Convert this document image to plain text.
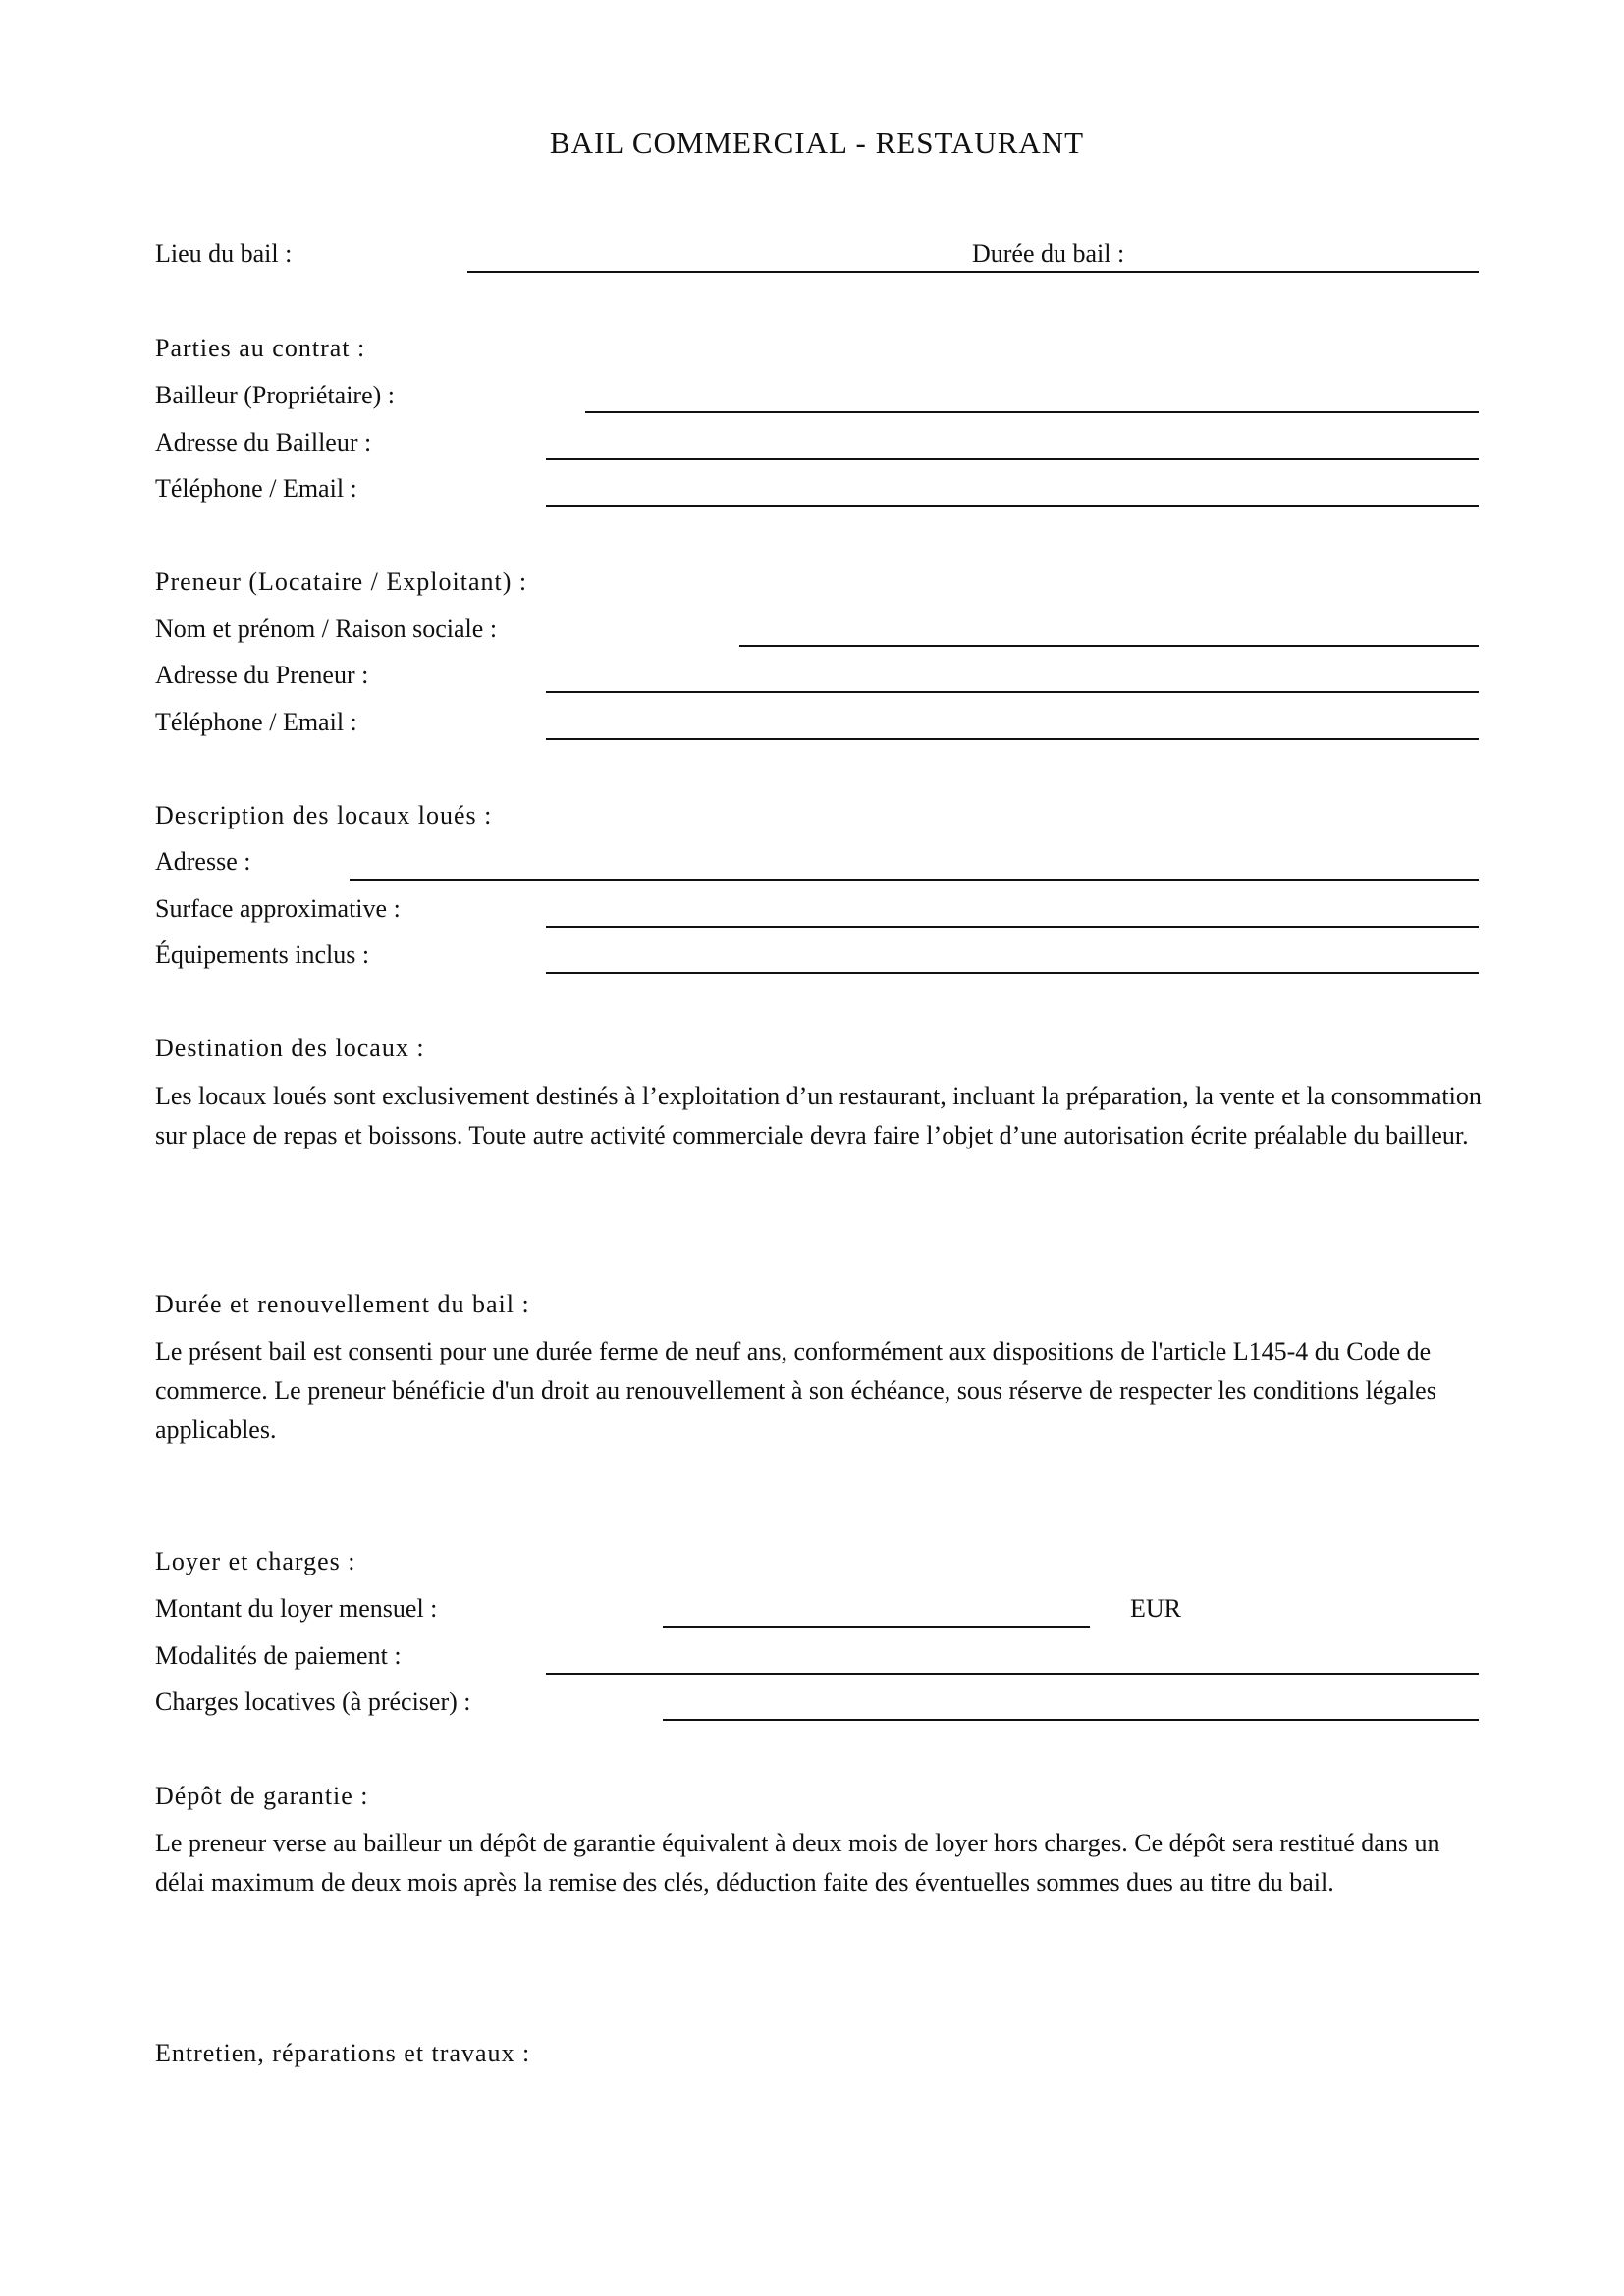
BAIL COMMERCIAL - RESTAURANT
Lieu du bail :	Durée du bail :
Parties au contrat :
Bailleur (Propriétaire) :
Adresse du Bailleur :
Téléphone / Email :
Preneur (Locataire / Exploitant) :
Nom et prénom / Raison sociale :
Adresse du Preneur :
Téléphone / Email :
Description des locaux loués :
Adresse :
Surface approximative :
Équipements inclus :
Destination des locaux :
Les locaux loués sont exclusivement destinés à l’exploitation d’un restaurant, incluant la préparation, la vente et la consommation sur place de repas et boissons. Toute autre activité commerciale devra faire l’objet d’une autorisation écrite préalable du bailleur.
Durée et renouvellement du bail :
Le présent bail est consenti pour une durée ferme de neuf ans, conformément aux dispositions de l'article L145-4 du Code de commerce. Le preneur bénéficie d'un droit au renouvellement à son échéance, sous réserve de respecter les conditions légales applicables.
Loyer et charges :
Montant du loyer mensuel :	EUR
Modalités de paiement :
Charges locatives (à préciser) :
Dépôt de garantie :
Le preneur verse au bailleur un dépôt de garantie équivalent à deux mois de loyer hors charges. Ce dépôt sera restitué dans un délai maximum de deux mois après la remise des clés, déduction faite des éventuelles sommes dues au titre du bail.
Entretien, réparations et travaux :
